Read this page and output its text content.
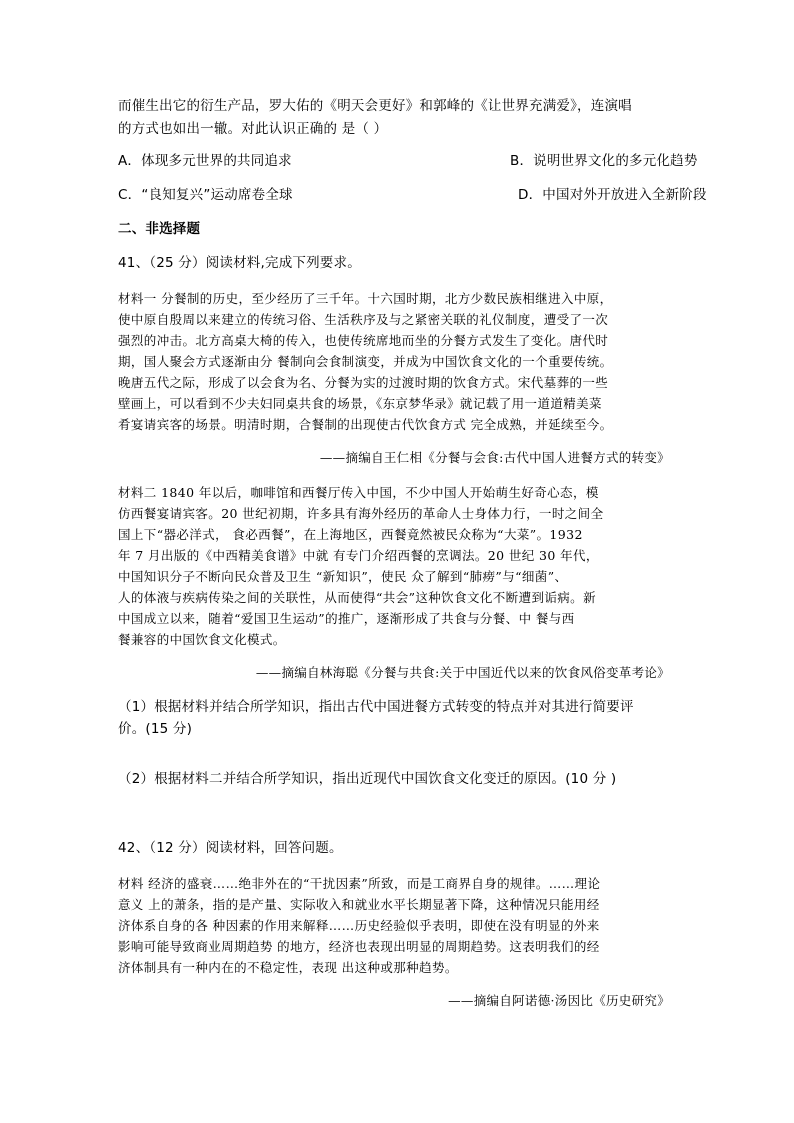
而催生出它的衍生产品，罗大佑的《明天会更好》和郭峰的《让世界充满爱》，连演唱
的方式也如出一辙。对此认识正确的 是（ ）
A．体现多元世界的共同追求	B．说明世界文化的多元化趋势
C．“良知复兴”运动席卷全球	D．中国对外开放进入全新阶段
二、非选择题
41、（25 分）阅读材料,完成下列要求。
材料一 分餐制的历史，至少经历了三千年。十六国时期，北方少数民族相继进入中原，
使中原自殷周以来建立的传统习俗、生活秩序及与之紧密关联的礼仪制度，遭受了一次
强烈的冲击。北方高桌大椅的传入，也使传统席地而坐的分餐方式发生了变化。唐代时
期，国人聚会方式逐渐由分 餐制向会食制演变，并成为中国饮食文化的一个重要传统。
晚唐五代之际，形成了以会食为名、分餐为实的过渡时期的饮食方式。宋代墓葬的一些
壁画上，可以看到不少夫妇同桌共食的场景，《东京梦华录》就记载了用一道道精美菜
肴宴请宾客的场景。明清时期，合餐制的出现使古代饮食方式 完全成熟，并延续至今。
——摘编自王仁相《分餐与会食:古代中国人进餐方式的转变》
材料二 1840 年以后，咖啡馆和西餐厅传入中国，不少中国人开始萌生好奇心态，模
仿西餐宴请宾客。20 世纪初期，许多具有海外经历的革命人士身体力行，一时之间全
国上下“器必洋式， 食必西餐”，在上海地区，西餐竟然被民众称为“大菜”。1932
年 7 月出版的《中西精美食谱》中就 有专门介绍西餐的烹调法。20 世纪 30 年代，
中国知识分子不断向民众普及卫生 “新知识”，使民 众了解到“肺痨”与“细菌”、
人的体液与疾病传染之间的关联性，从而使得“共会”这种饮食文化不断遭到诟病。新
中国成立以来，随着“爱国卫生运动”的推广，逐渐形成了共食与分餐、中 餐与西
餐兼容的中国饮食文化模式。
——摘编自林海聪《分餐与共食:关于中国近代以来的饮食风俗变革考论》
（1）根据材料并结合所学知识，指出古代中国进餐方式转变的特点并对其进行简要评
价。(15 分)
（2）根据材料二并结合所学知识，指出近现代中国饮食文化变迁的原因。(10 分 )
42、（12 分）阅读材料，回答问题。
材料 经济的盛衰……绝非外在的“干扰因素”所致，而是工商界自身的规律。……理论
意义 上的萧条，指的是产量、实际收入和就业水平长期显著下降，这种情况只能用经
济体系自身的各 种因素的作用来解释……历史经验似乎表明，即使在没有明显的外来
影响可能导致商业周期趋势 的地方，经济也表现出明显的周期趋势。这表明我们的经
济体制具有一种内在的不稳定性，表现 出这种或那种趋势。
——摘编自阿诺德·汤因比《历史研究》
